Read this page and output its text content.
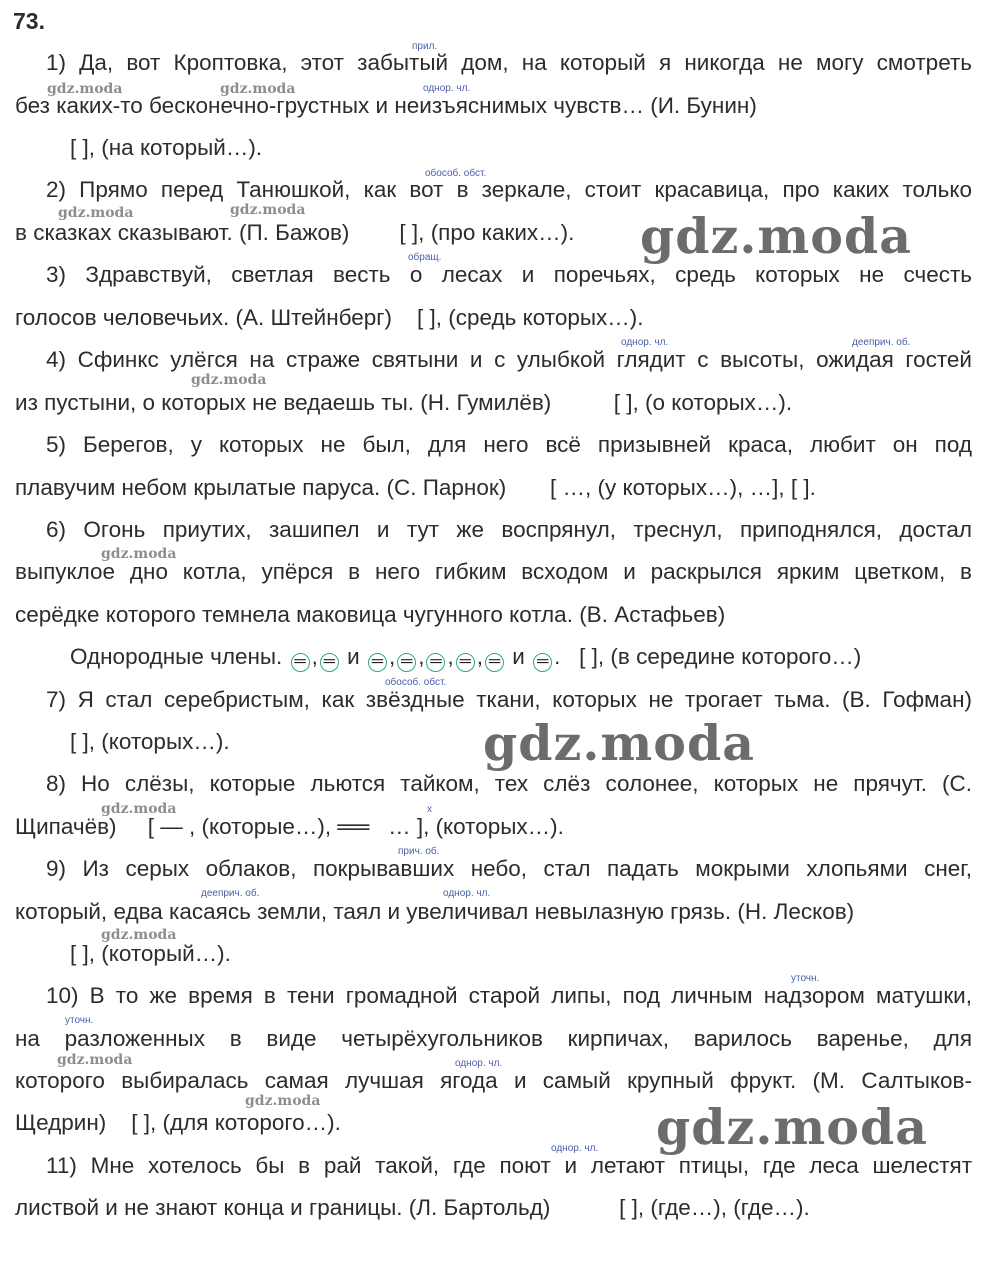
73.
1) Да, вот Кроптовка, этот забытый дом, на который я никогда не могу смотреть
без каких-то бесконечно-грустных и неизъяснимых чувств… (И. Бунин)
[ ], (на который…).
2) Прямо перед Танюшкой, как вот в зеркале, стоит красавица, про каких только
в сказках сказывают. (П. Бажов)        [ ], (про каких…).
3) Здравствуй, светлая весть о лесах и поречьях, средь которых не счесть
голосов человечьих. (А. Штейнберг)    [ ], (средь которых…).
4) Сфинкс улёгся на страже святыни и с улыбкой глядит с высоты, ожидая гостей
из пустыни, о которых не ведаешь ты. (Н. Гумилёв)          [ ], (о которых…).
5) Берегов, у которых не был, для него всё призывней краса, любит он под
плавучим небом крылатые паруса. (С. Парнок)       [ …, (у которых…), …], [ ].
6) Огонь приутих, зашипел и тут же воспрянул, треснул, приподнялся, достал
выпуклое дно котла, упёрся в него гибким всходом и раскрылся ярким цветком, в
серёдке которого темнела маковица чугунного котла. (В. Астафьев)
Однородные члены. ═ , ═ и ═ , ═ , ═ , ═ , ═ и ═ . [ ], (в середине которого…)
7) Я стал серебристым, как звёздные ткани, которых не трогает тьма. (В. Гофман)
[ ], (которых…).
8) Но слёзы, которые льются тайком, тех слёз солонее, которых не прячут. (С.
Щипачёв)     [ — , (которые…), ══   … ], (которых…).
9) Из серых облаков, покрывавших небо, стал падать мокрыми хлопьями снег,
который, едва касаясь земли, таял и увеличивал невылазную грязь. (Н. Лесков)
[ ], (который…).
10) В то же время в тени громадной старой липы, под личным надзором матушки,
на разложенных в виде четырёхугольников кирпичах, варилось варенье, для
которого выбиралась самая лучшая ягода и самый крупный фрукт. (М. Салтыков-
Щедрин)    [ ], (для которого…).
11) Мне хотелось бы в рай такой, где поют и летают птицы, где леса шелестят
листвой и не знают конца и границы. (Л. Бартольд)           [ ], (где…), (где…).
прил.
однор. чл.
обособ. обст.
обращ.
однор. чл.	дееприч. об.
обособ. обст.
x
прич. об.
дееприч. об.	однор. чл.
уточн.
уточн.
однор. чл.
однор. чл.
gdz.moda	gdz.moda
gdz.moda	gdz.moda
gdz.moda
gdz.moda
gdz.moda
gdz.moda
gdz.moda
gdz.moda
gdz.moda
gdz.moda
gdz.moda
